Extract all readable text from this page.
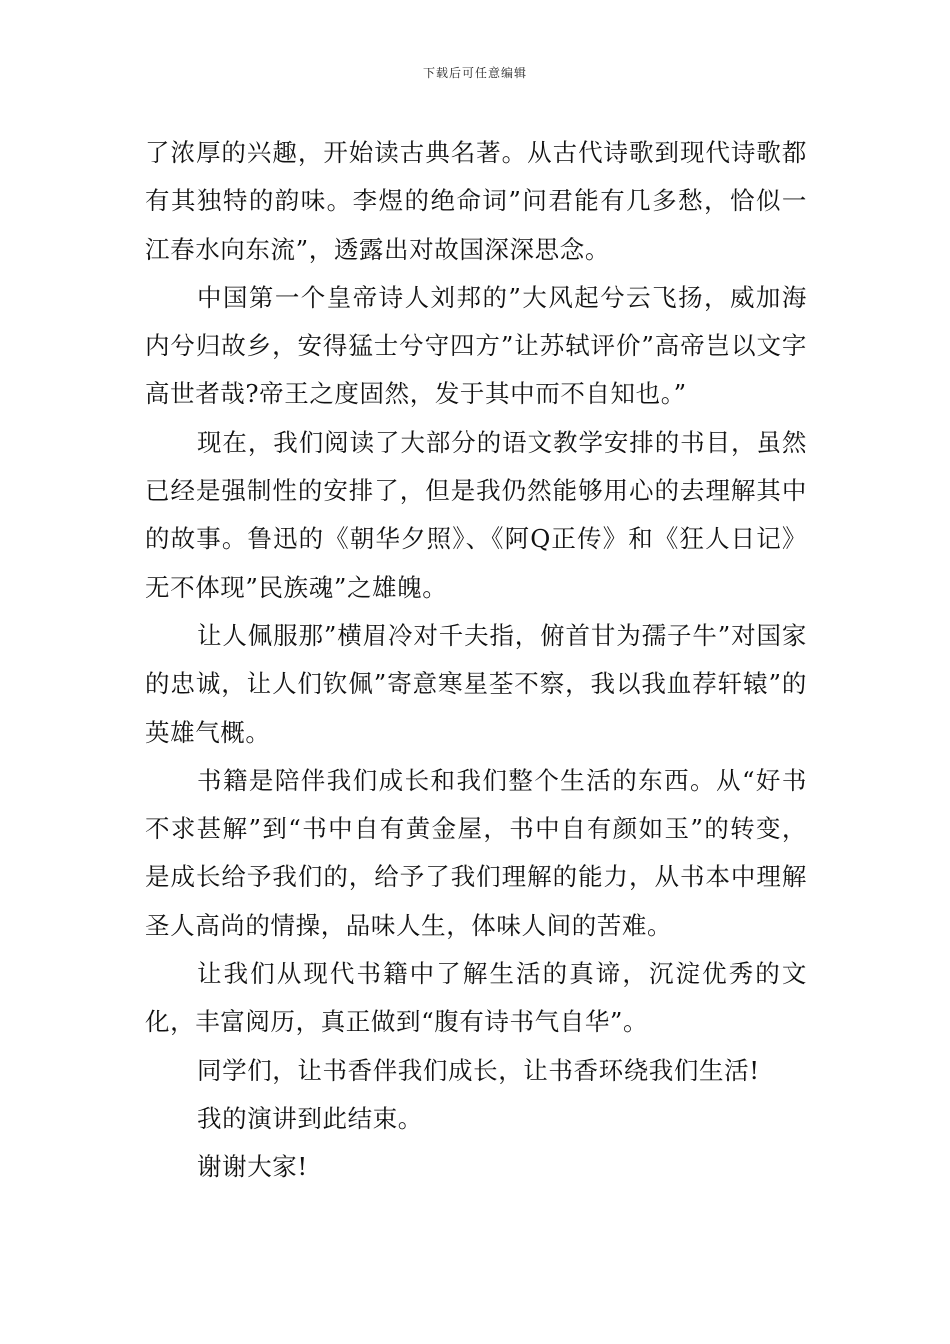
下载后可任意编辑

了浓厚的兴趣，开始读古典名著。从古代诗歌到现代诗歌都有其独特的韵味。李煜的绝命词”问君能有几多愁，恰似一江春水向东流”，透露出对故国深深思念。

中国第一个皇帝诗人刘邦的”大风起兮云飞扬，威加海内兮归故乡，安得猛士兮守四方”让苏轼评价”高帝岂以文字高世者哉?帝王之度固然，发于其中而不自知也。”

现在，我们阅读了大部分的语文教学安排的书目，虽然已经是强制性的安排了，但是我仍然能够用心的去理解其中的故事。鲁迅的《朝华夕照》、《阿Q正传》和《狂人日记》无不体现”民族魂”之雄魄。

让人佩服那”横眉冷对千夫指，俯首甘为孺子牛”对国家的忠诚，让人们钦佩”寄意寒星荃不察，我以我血荐轩辕”的英雄气概。

书籍是陪伴我们成长和我们整个生活的东西。从“好书不求甚解”到“书中自有黄金屋，书中自有颜如玉”的转变，是成长给予我们的，给予了我们理解的能力，从书本中理解圣人高尚的情操，品味人生，体味人间的苦难。

让我们从现代书籍中了解生活的真谛，沉淀优秀的文化，丰富阅历，真正做到“腹有诗书气自华”。

同学们，让书香伴我们成长，让书香环绕我们生活!

我的演讲到此结束。

谢谢大家!
